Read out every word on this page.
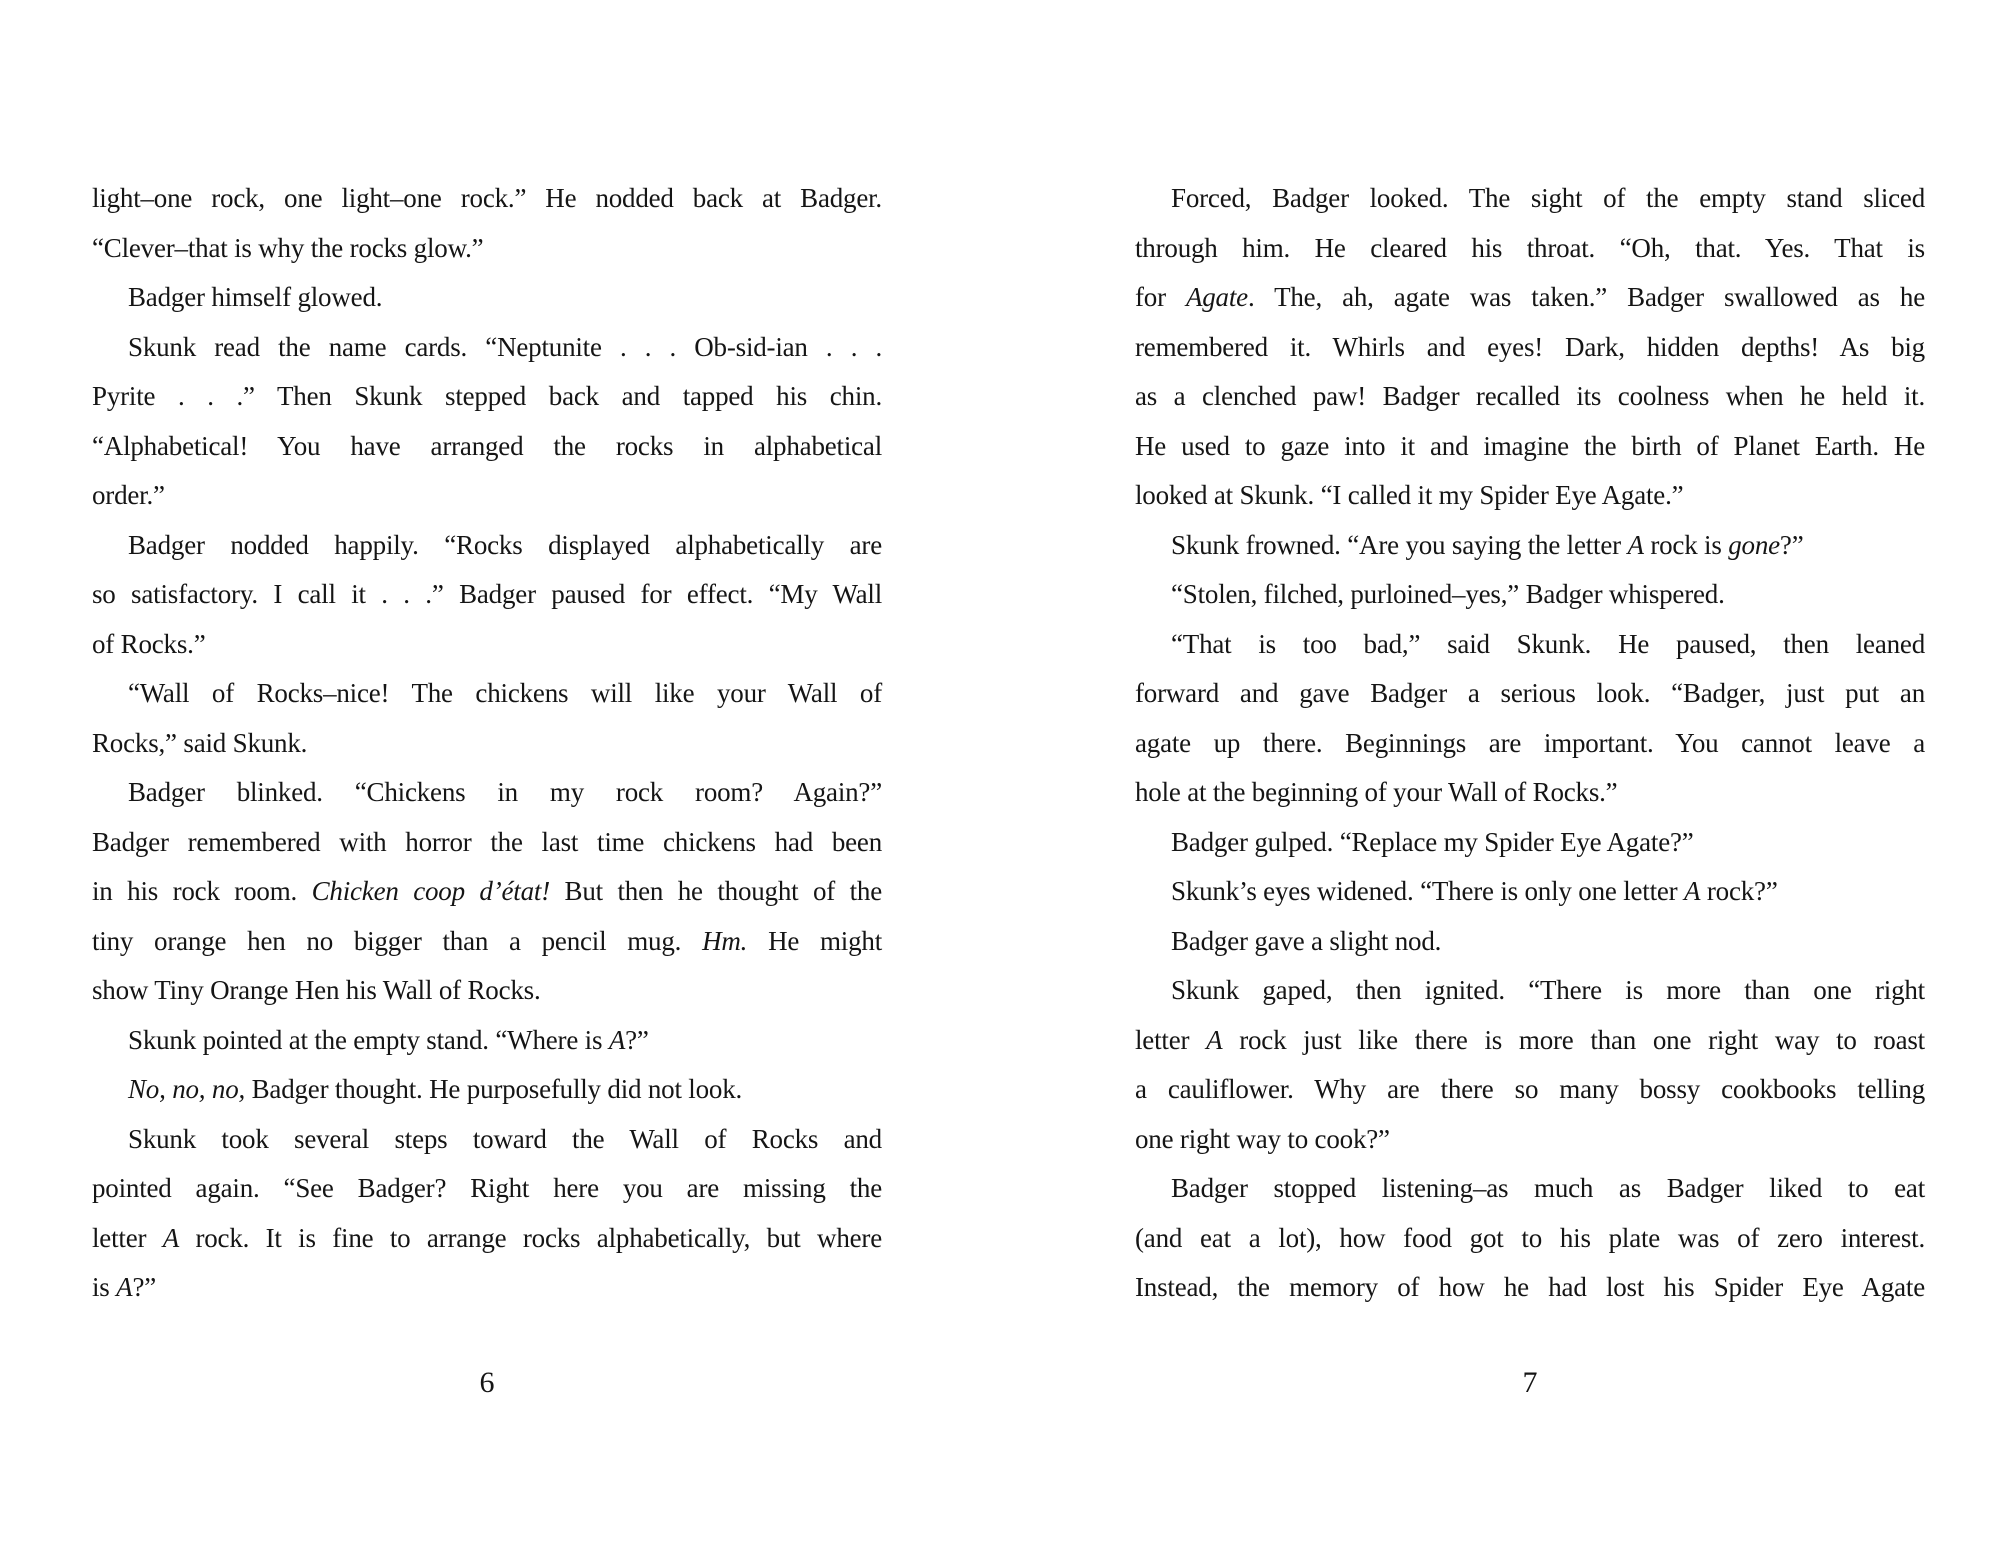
light–one rock, one light–one rock.” He nodded back at Badger.
“Clever–that is why the rocks glow.”
Badger himself glowed.
Skunk read the name cards. “Neptunite . . . Ob-sid-ian . . .
Pyrite . . .” Then Skunk stepped back and tapped his chin.
“Alphabetical! You have arranged the rocks in alphabetical
order.”
Badger nodded happily. “Rocks displayed alphabetically are
so satisfactory. I call it . . .” Badger paused for effect. “My Wall
of Rocks.”
“Wall of Rocks–nice! The chickens will like your Wall of
Rocks,” said Skunk.
Badger blinked. “Chickens in my rock room? Again?”
Badger remembered with horror the last time chickens had been
in his rock room. Chicken coop d’état! But then he thought of the
tiny orange hen no bigger than a pencil mug. Hm. He might
show Tiny Orange Hen his Wall of Rocks.
Skunk pointed at the empty stand. “Where is A?”
No, no, no, Badger thought. He purposefully did not look.
Skunk took several steps toward the Wall of Rocks and
pointed again. “See Badger? Right here you are missing the
letter A rock. It is fine to arrange rocks alphabetically, but where
is A?”
6
Forced, Badger looked. The sight of the empty stand sliced
through him. He cleared his throat. “Oh, that. Yes. That is
for Agate. The, ah, agate was taken.” Badger swallowed as he
remembered it. Whirls and eyes! Dark, hidden depths! As big
as a clenched paw! Badger recalled its coolness when he held it.
He used to gaze into it and imagine the birth of Planet Earth. He
looked at Skunk. “I called it my Spider Eye Agate.”
Skunk frowned. “Are you saying the letter A rock is gone?”
“Stolen, filched, purloined–yes,” Badger whispered.
“That is too bad,” said Skunk. He paused, then leaned
forward and gave Badger a serious look. “Badger, just put an
agate up there. Beginnings are important. You cannot leave a
hole at the beginning of your Wall of Rocks.”
Badger gulped. “Replace my Spider Eye Agate?”
Skunk’s eyes widened. “There is only one letter A rock?”
Badger gave a slight nod.
Skunk gaped, then ignited. “There is more than one right
letter A rock just like there is more than one right way to roast
a cauliflower. Why are there so many bossy cookbooks telling
one right way to cook?”
Badger stopped listening–as much as Badger liked to eat
(and eat a lot), how food got to his plate was of zero interest.
Instead, the memory of how he had lost his Spider Eye Agate
7
